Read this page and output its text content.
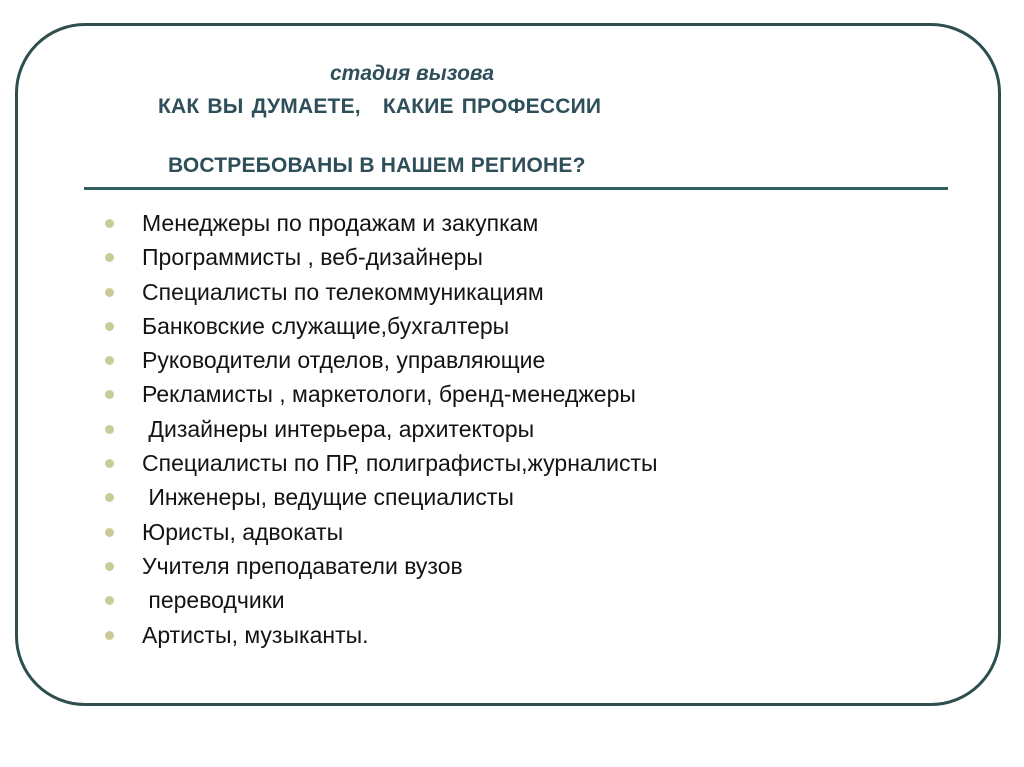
стадия вызова

КАК ВЫ ДУМАЕТЕ, КАКИЕ ПРОФЕССИИ

ВОСТРЕБОВАНЫ В НАШЕМ РЕГИОНЕ?

Менеджеры по продажам и закупкам
Программисты , веб-дизайнеры
Специалисты по телекоммуникациям
Банковские служащие,бухгалтеры
Руководители отделов, управляющие
Рекламисты , маркетологи, бренд-менеджеры
Дизайнеры интерьера, архитекторы
Специалисты по ПР, полиграфисты,журналисты
Инженеры, ведущие специалисты
Юристы, адвокаты
Учителя преподаватели вузов
переводчики
Артисты, музыканты.
